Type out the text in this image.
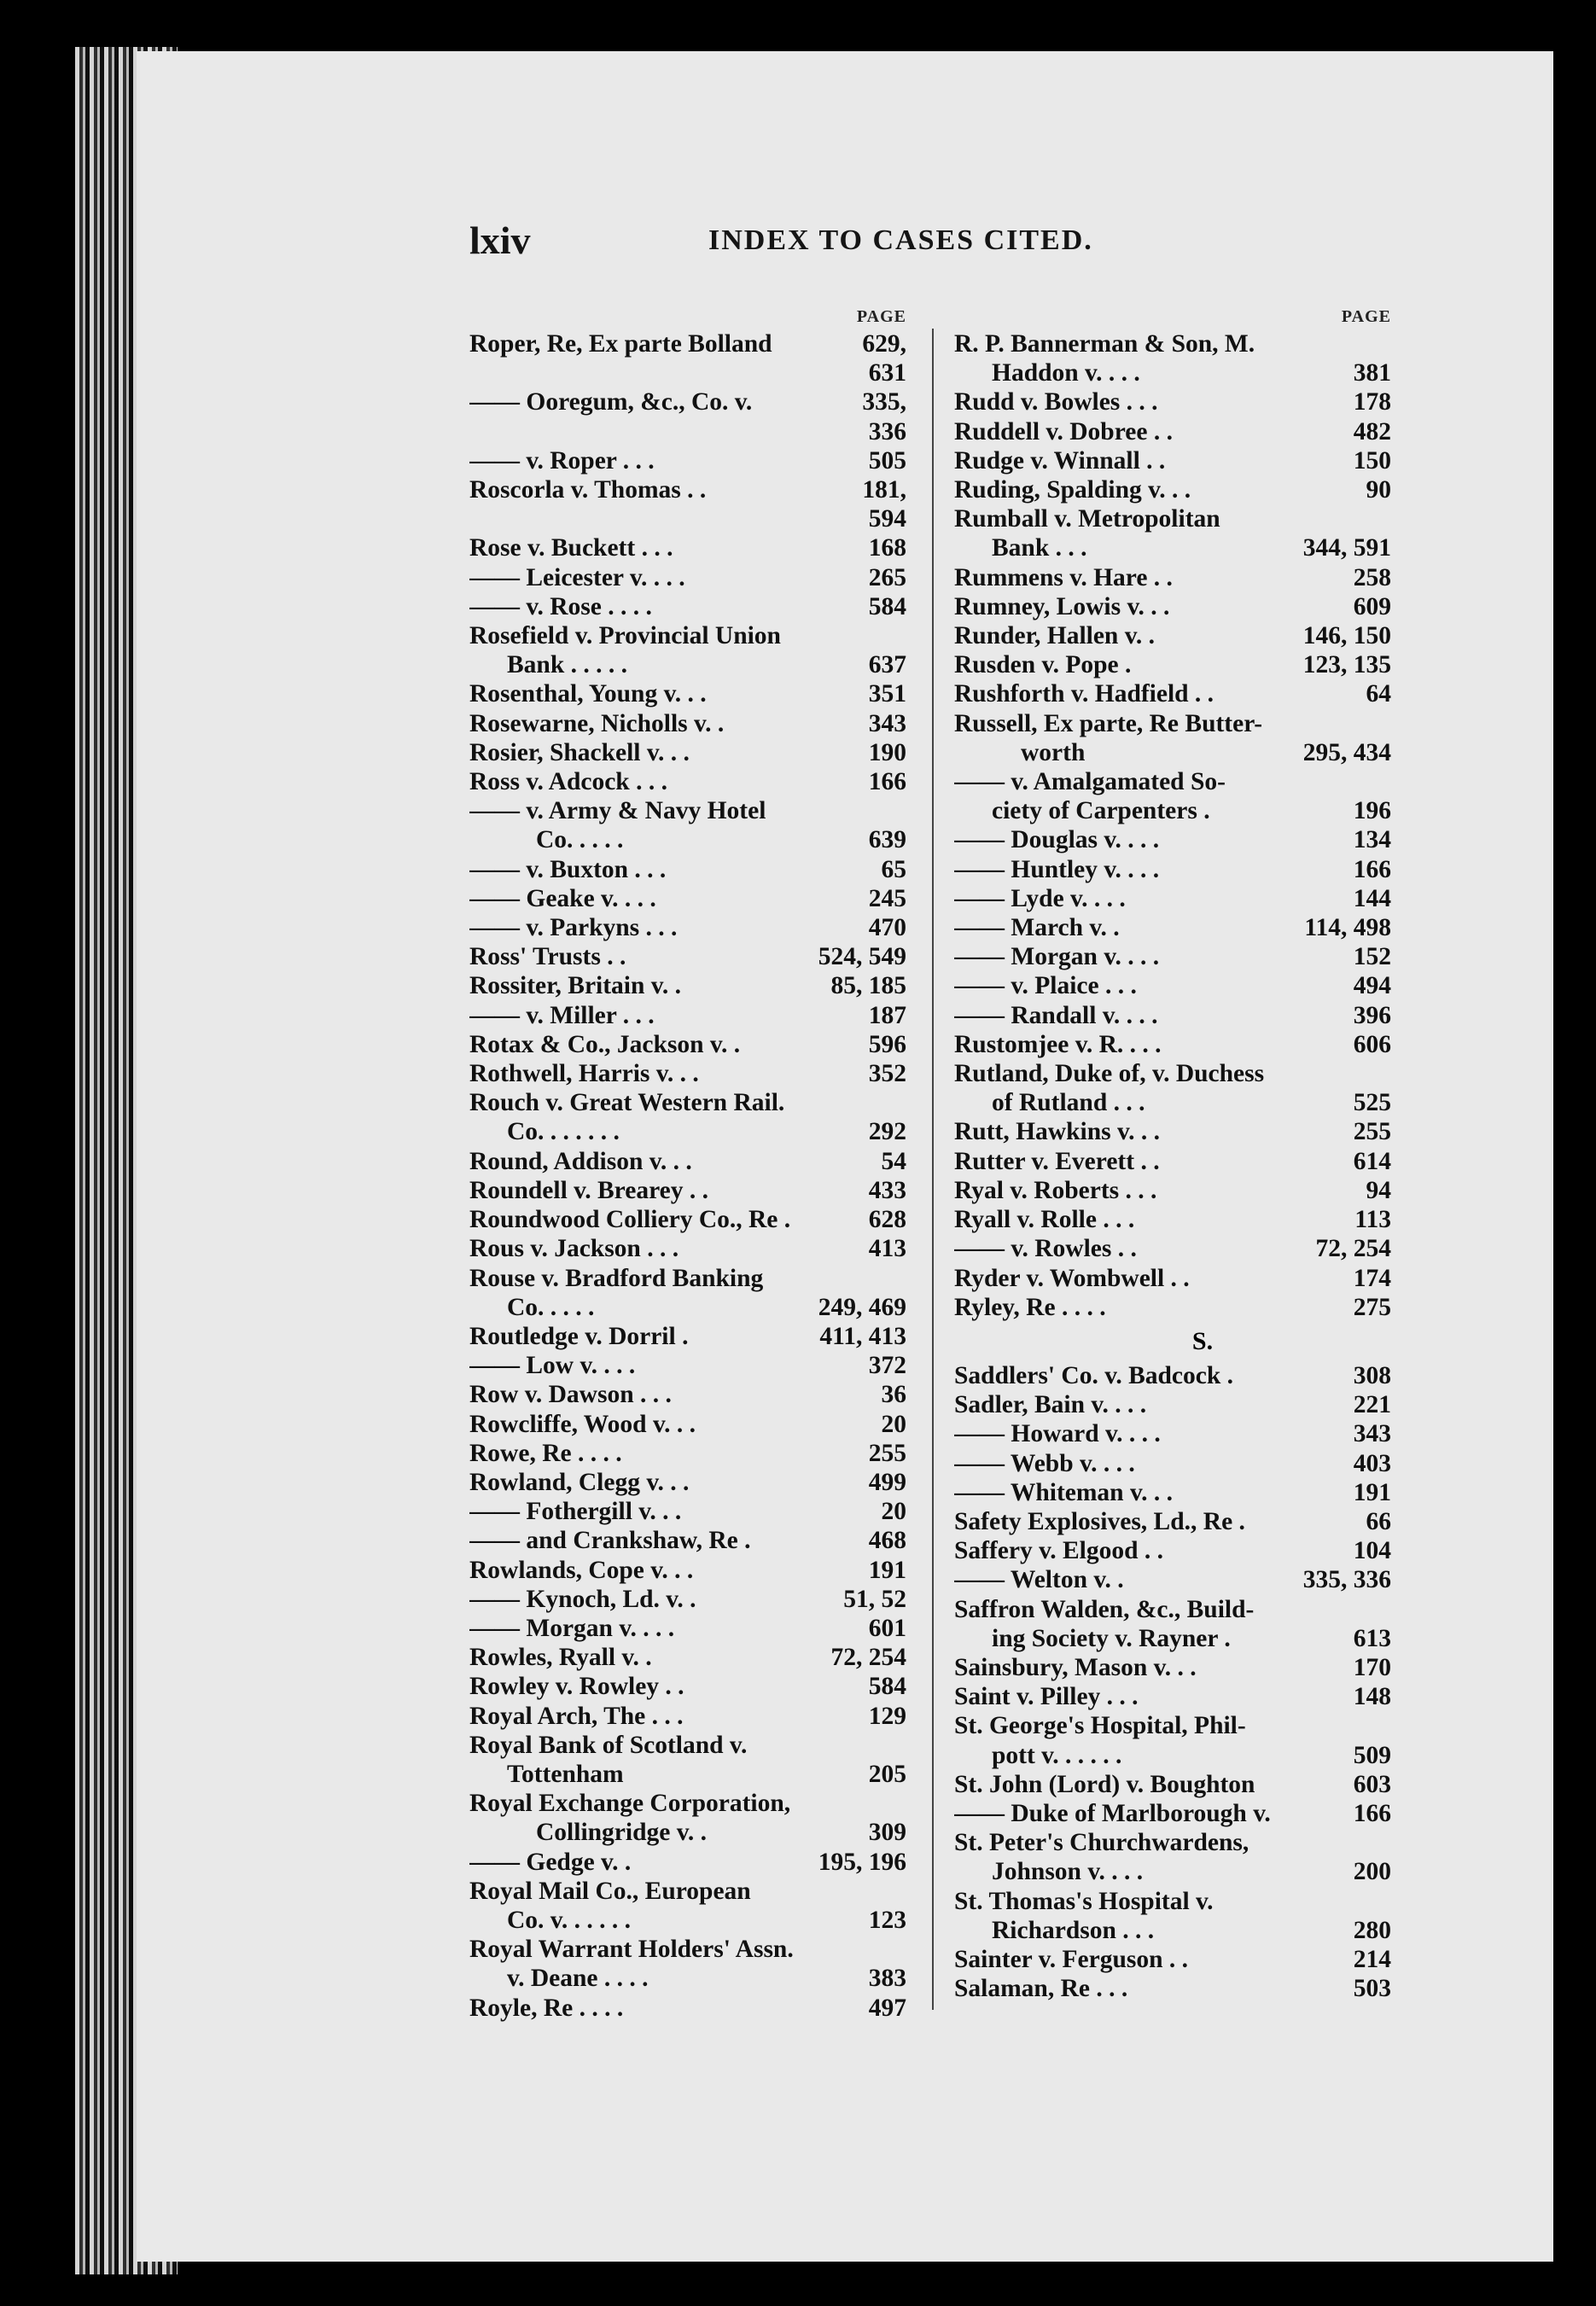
lxiv	INDEX TO CASES CITED.
PAGE
Roper, Re, Ex parte Bolland	629,
631
—— Ooregum, &c., Co. v.	335,
336
—— v. Roper . . .	505
Roscorla v. Thomas . .	181,
594
Rose v. Buckett . . .	168
—— Leicester v. . . .	265
—— v. Rose . . . .	584
Rosefield v. Provincial Union
Bank . . . . .	637
Rosenthal, Young v. . .	351
Rosewarne, Nicholls v. .	343
Rosier, Shackell v. . .	190
Ross v. Adcock . . .	166
—— v. Army & Navy Hotel
Co. . . . .	639
—— v. Buxton . . .	65
—— Geake v. . . .	245
—— v. Parkyns . . .	470
Ross' Trusts . .	524, 549
Rossiter, Britain v. .	85, 185
—— v. Miller . . .	187
Rotax & Co., Jackson v. .	596
Rothwell, Harris v. . .	352
Rouch v. Great Western Rail.
Co. . . . . . .	292
Round, Addison v. . .	54
Roundell v. Brearey . .	433
Roundwood Colliery Co., Re .	628
Rous v. Jackson . . .	413
Rouse v. Bradford Banking
Co. . . . .	249, 469
Routledge v. Dorril .	411, 413
—— Low v. . . .	372
Row v. Dawson . . .	36
Rowcliffe, Wood v. . .	20
Rowe, Re . . . .	255
Rowland, Clegg v. . .	499
—— Fothergill v. . .	20
—— and Crankshaw, Re .	468
Rowlands, Cope v. . .	191
—— Kynoch, Ld. v. .	51, 52
—— Morgan v. . . .	601
Rowles, Ryall v. .	72, 254
Rowley v. Rowley . .	584
Royal Arch, The . . .	129
Royal Bank of Scotland v.
Tottenham	205
Royal Exchange Corporation,
Collingridge v. .	309
—— Gedge v. .	195, 196
Royal Mail Co., European
Co. v. . . . . .	123
Royal Warrant Holders' Assn.
v. Deane . . . .	383
Royle, Re . . . .	497
PAGE
R. P. Bannerman & Son, M.
Haddon v. . . .	381
Rudd v. Bowles . . .	178
Ruddell v. Dobree . .	482
Rudge v. Winnall . .	150
Ruding, Spalding v. . .	90
Rumball v. Metropolitan
Bank . . .	344, 591
Rummens v. Hare . .	258
Rumney, Lowis v. . .	609
Runder, Hallen v. .	146, 150
Rusden v. Pope .	123, 135
Rushforth v. Hadfield . .	64
Russell, Ex parte, Re Butter-
worth	295, 434
—— v. Amalgamated So-
ciety of Carpenters .	196
—— Douglas v. . . .	134
—— Huntley v. . . .	166
—— Lyde v. . . .	144
—— March v. .	114, 498
—— Morgan v. . . .	152
—— v. Plaice . . .	494
—— Randall v. . . .	396
Rustomjee v. R. . . .	606
Rutland, Duke of, v. Duchess
of Rutland . . .	525
Rutt, Hawkins v. . .	255
Rutter v. Everett . .	614
Ryal v. Roberts . . .	94
Ryall v. Rolle . . .	113
—— v. Rowles . .	72, 254
Ryder v. Wombwell . .	174
Ryley, Re . . . .	275
S.
Saddlers' Co. v. Badcock .	308
Sadler, Bain v. . . .	221
—— Howard v. . . .	343
—— Webb v. . . .	403
—— Whiteman v. . .	191
Safety Explosives, Ld., Re .	66
Saffery v. Elgood . .	104
—— Welton v. .	335, 336
Saffron Walden, &c., Build-
ing Society v. Rayner .	613
Sainsbury, Mason v. . .	170
Saint v. Pilley . . .	148
St. George's Hospital, Phil-
pott v. . . . . .	509
St. John (Lord) v. Boughton	603
—— Duke of Marlborough v.	166
St. Peter's Churchwardens,
Johnson v. . . .	200
St. Thomas's Hospital v.
Richardson . . .	280
Sainter v. Ferguson . .	214
Salaman, Re . . .	503
